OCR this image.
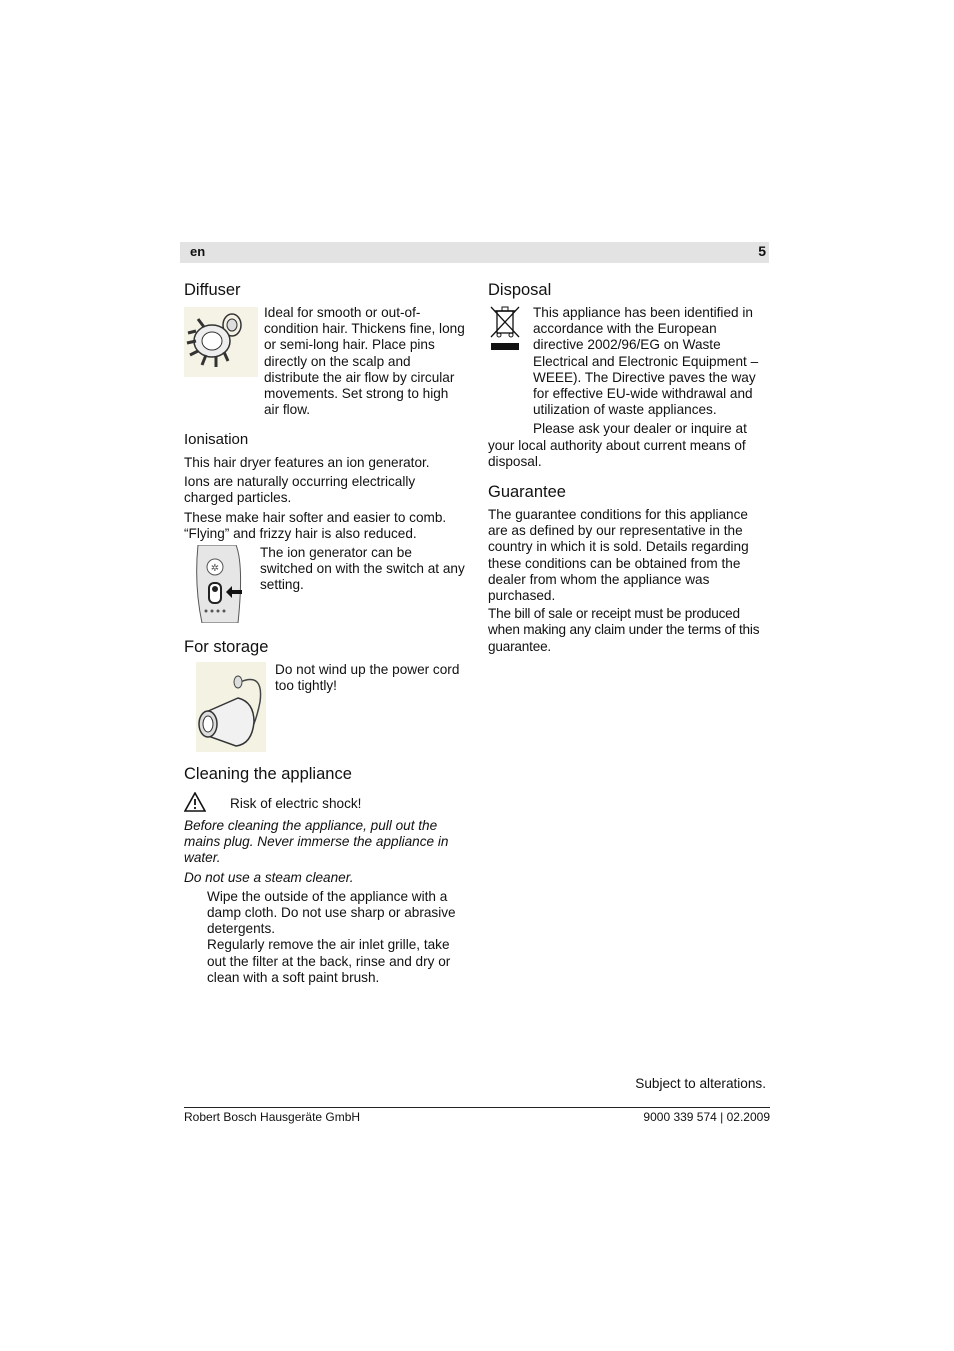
en	5
Diffuser

Ideal for smooth or out-of-condition hair. Thickens fine, long or semi-long hair. Place pins directly on the scalp and distribute the air flow by circular movements. Set strong to high air flow.

Ionisation

This hair dryer features an ion generator.

Ions are naturally occurring electrically charged particles.

These make hair softer and easier to comb. “Flying” and frizzy hair is also reduced.

✲

The ion generator can be switched on with the switch at any setting.

For storage

Do not wind up the power cord too tightly!

Cleaning the appliance
Risk of electric shock!

Before cleaning the appliance, pull out the mains plug. Never immerse the appliance in water.

Do not use a steam cleaner.

Wipe the outside of the appliance with a damp cloth. Do not use sharp or abrasive detergents.

Regularly remove the air inlet grille, take out the filter at the back, rinse and dry or clean with a soft paint brush.

Disposal

This appliance has been identified in accordance with the European directive 2002/96/EG on Waste Electrical and Electronic Equipment – WEEE). The Directive paves the way for effective EU-wide withdrawal and utilization of waste appliances.

Please ask your dealer or inquire at your local authority about current means of disposal.

Guarantee

The guarantee conditions for this appliance are as defined by our representative in the country in which it is sold. Details regarding these conditions can be obtained from the dealer from whom the appliance was purchased.

The bill of sale or receipt must be produced when making any claim under the terms of this guarantee.

Subject to alterations.
Robert Bosch Hausgeräte GmbH	9000 339 574 | 02.2009
